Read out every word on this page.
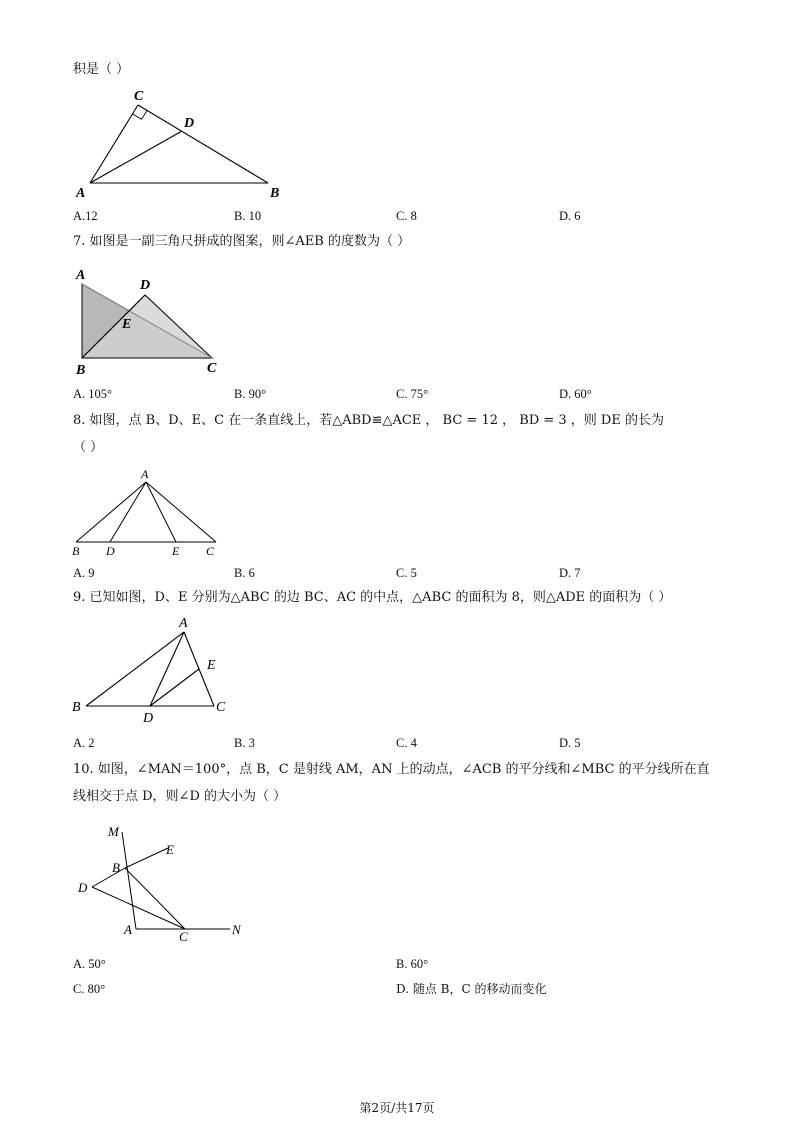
积是（ ）
C
D
A	B
A.12	B. 10	C. 8	D. 6
7. 如图是一副三角尺拼成的图案，则∠AEB 的度数为（ ）
A
D
E
B	C
A. 105°	B. 90°	C. 75°	D. 60°
8. 如图，点 B、D、E、C 在一条直线上，若△ABD≌△ACE ， BC = 12 ， BD = 3 ，则 DE 的长为
（ ）
A
B D	E C
A. 9	B. 6	C. 5	D. 7
9. 已知如图，D、E 分别为△ABC 的边 BC、AC 的中点，△ABC 的面积为 8，则△ADE 的面积为（ ）
A
E
B
D
C
A. 2	B. 3	C. 4	D. 5
10. 如图，∠MAN＝100°，点 B，C 是射线 AM，AN 上的动点，∠ACB 的平分线和∠MBC 的平分线所在直
线相交于点 D，则∠D 的大小为（ ）
M
E
B
D
A	C	N
A. 50°	B. 60°
C. 80°	D. 随点 B，C 的移动而变化
第2页/共17页
